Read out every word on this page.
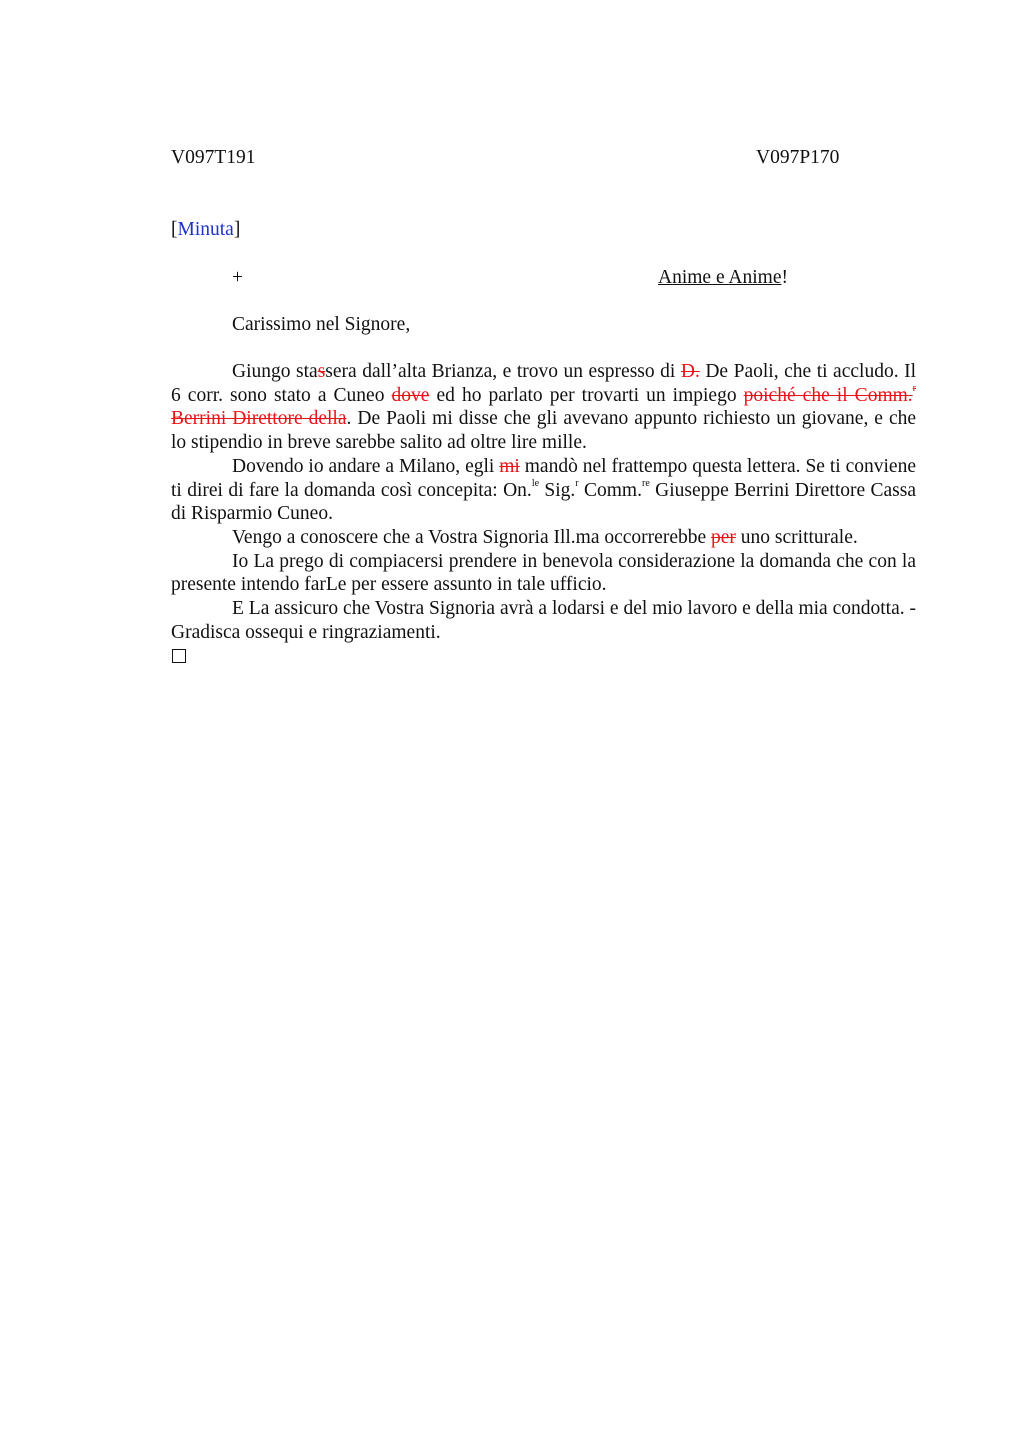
V097T191	V097P170
[Minuta]
+	Anime e Anime!
Carissimo nel Signore,

Giungo stassera dall’alta Brianza, e trovo un espresso di D. De Paoli, che ti accludo. Il 6 corr. sono stato a Cuneo dove ed ho parlato per trovarti un impiego poiché che il Comm.$^r$ Berrini Direttore della. De Paoli mi disse che gli avevano appunto richiesto un giovane, e che lo stipendio in breve sarebbe salito ad oltre lire mille.

Dovendo io andare a Milano, egli mi mandò nel frattempo questa lettera. Se ti conviene ti direi di fare la domanda così concepita: On.$^{le}$ Sig.$^r$ Comm.$^{re}$ Giuseppe Berrini Direttore Cassa di Risparmio Cuneo.

Vengo a conoscere che a Vostra Signoria Ill.ma occorrerebbe per uno scritturale.

Io La prego di compiacersi prendere in benevola considerazione la domanda che con la presente intendo farLe per essere assunto in tale ufficio.

E La assicuro che Vostra Signoria avrà a lodarsi e del mio lavoro e della mia condotta. - Gradisca ossequi e ringraziamenti.
